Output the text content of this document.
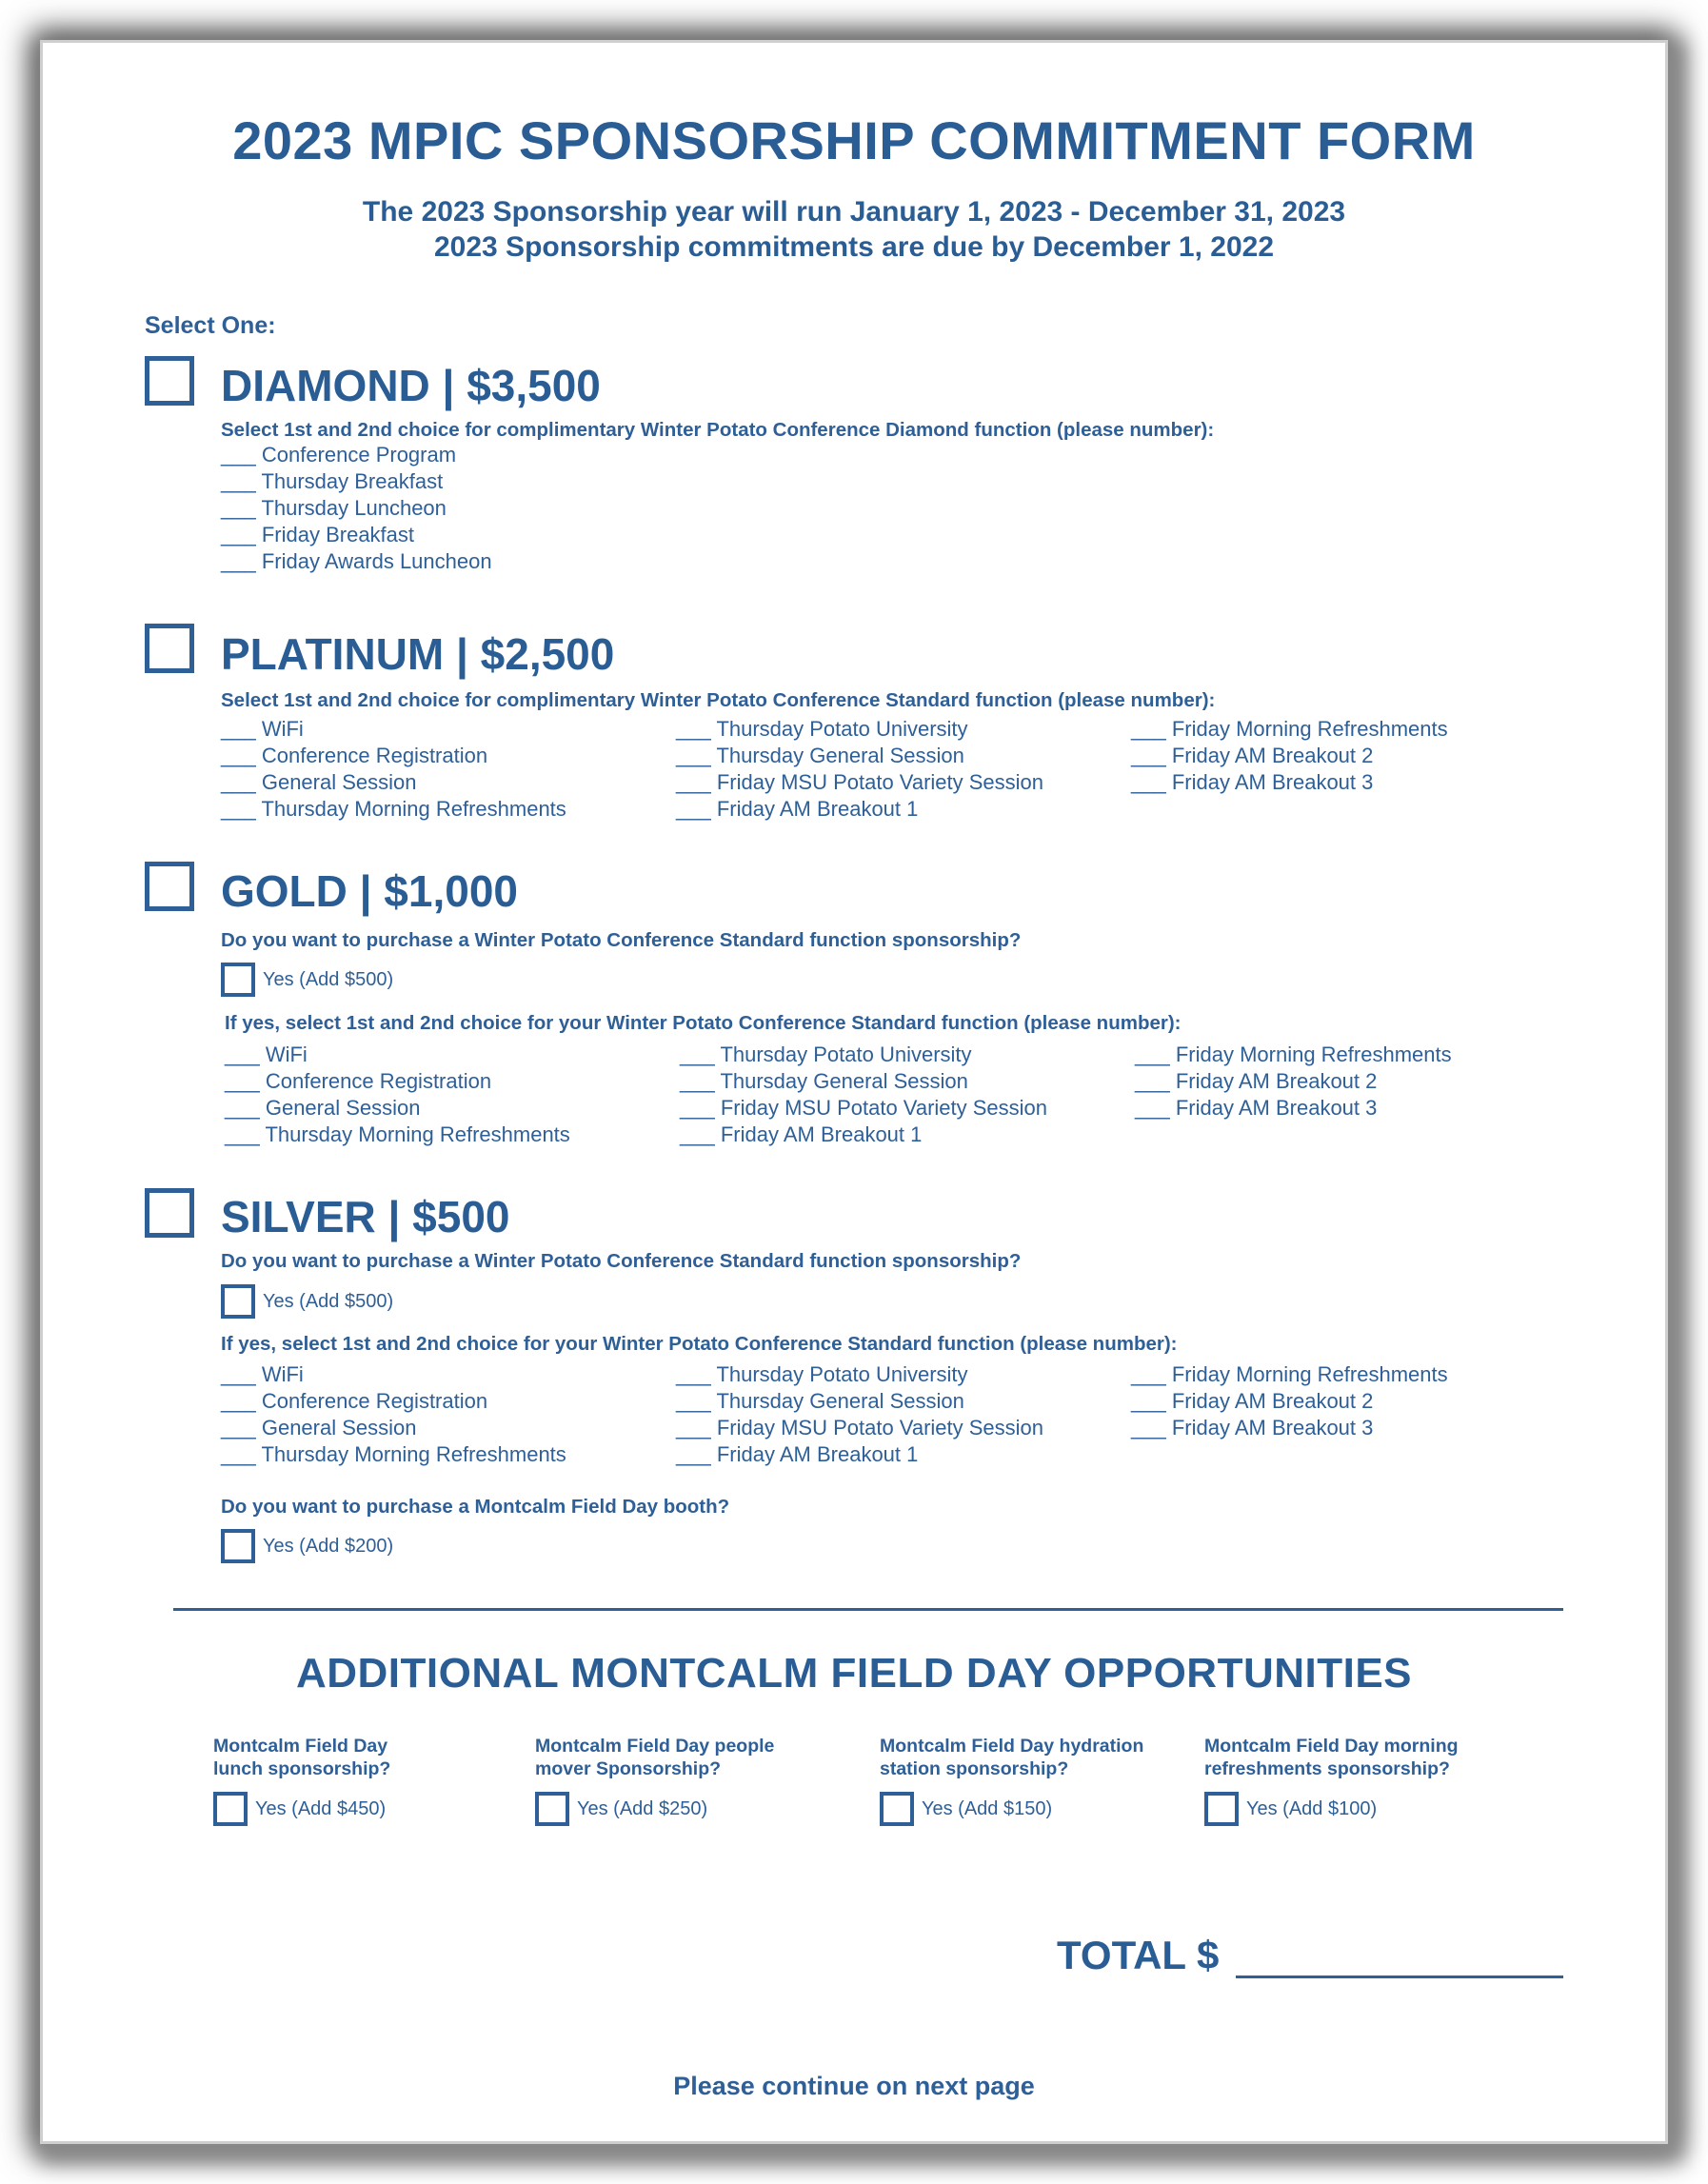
2023 MPIC SPONSORSHIP COMMITMENT FORM
The 2023 Sponsorship year will run January 1, 2023 - December 31, 2023
2023 Sponsorship commitments are due by December 1, 2022
Select One:
DIAMOND | $3,500
Select 1st and 2nd choice for complimentary Winter Potato Conference Diamond function (please number):
___ Conference Program
___ Thursday Breakfast
___ Thursday Luncheon
___ Friday Breakfast
___ Friday Awards Luncheon
PLATINUM | $2,500
Select 1st and 2nd choice for complimentary Winter Potato Conference Standard function (please number):
___ WiFi
___ Conference Registration
___ General Session
___ Thursday Morning Refreshments
___ Thursday Potato University
___ Thursday General Session
___ Friday MSU Potato Variety Session
___ Friday AM Breakout 1
___ Friday Morning Refreshments
___ Friday AM Breakout 2
___ Friday AM Breakout 3
GOLD | $1,000
Do you want to purchase a Winter Potato Conference Standard function sponsorship?
Yes (Add $500)
If yes, select 1st and 2nd choice for your Winter Potato Conference Standard function (please number):
___ WiFi
___ Conference Registration
___ General Session
___ Thursday Morning Refreshments
___ Thursday Potato University
___ Thursday General Session
___ Friday MSU Potato Variety Session
___ Friday AM Breakout 1
___ Friday Morning Refreshments
___ Friday AM Breakout 2
___ Friday AM Breakout 3
SILVER | $500
Do you want to purchase a Winter Potato Conference Standard function sponsorship?
Yes (Add $500)
If yes, select 1st and 2nd choice for your Winter Potato Conference Standard function (please number):
___ WiFi
___ Conference Registration
___ General Session
___ Thursday Morning Refreshments
___ Thursday Potato University
___ Thursday General Session
___ Friday MSU Potato Variety Session
___ Friday AM Breakout 1
___ Friday Morning Refreshments
___ Friday AM Breakout 2
___ Friday AM Breakout 3
Do you want to purchase a Montcalm Field Day booth?
Yes (Add $200)
ADDITIONAL MONTCALM FIELD DAY OPPORTUNITIES
Montcalm Field Day
lunch sponsorship?
Yes (Add $450)
Montcalm Field Day people
mover Sponsorship?
Yes (Add $250)
Montcalm Field Day hydration
station sponsorship?
Yes (Add $150)
Montcalm Field Day morning
refreshments sponsorship?
Yes (Add $100)
TOTAL $
Please continue on next page
